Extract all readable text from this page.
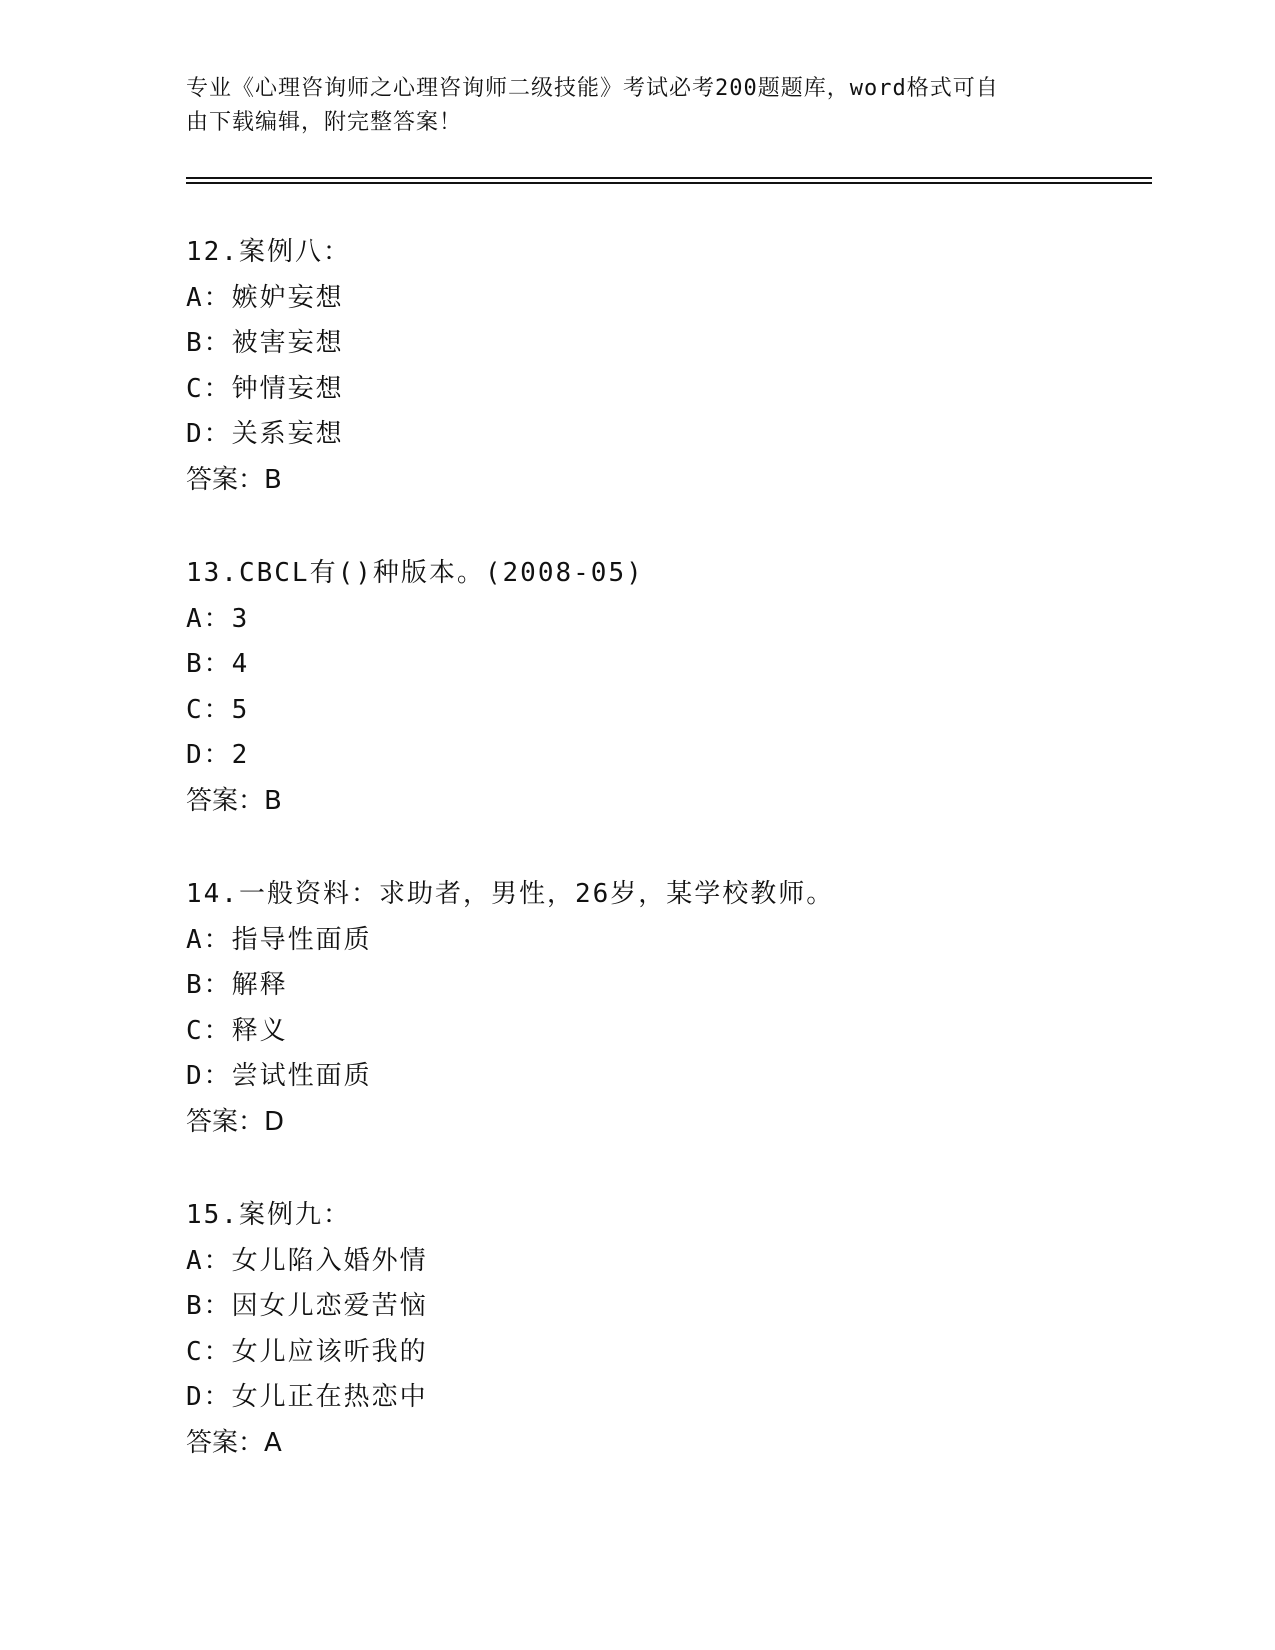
专业《心理咨询师之心理咨询师二级技能》考试必考200题题库，word格式可自
由下载编辑，附完整答案！
12.案例八：
A：嫉妒妄想
B：被害妄想
C：钟情妄想
D：关系妄想
答案：B
13.CBCL有()种版本。(2008-05)
A：3
B：4
C：5
D：2
答案：B
14.一般资料：求助者，男性，26岁，某学校教师。
A：指导性面质
B：解释
C：释义
D：尝试性面质
答案：D
15.案例九：
A：女儿陷入婚外情
B：因女儿恋爱苦恼
C：女儿应该听我的
D：女儿正在热恋中
答案：A
